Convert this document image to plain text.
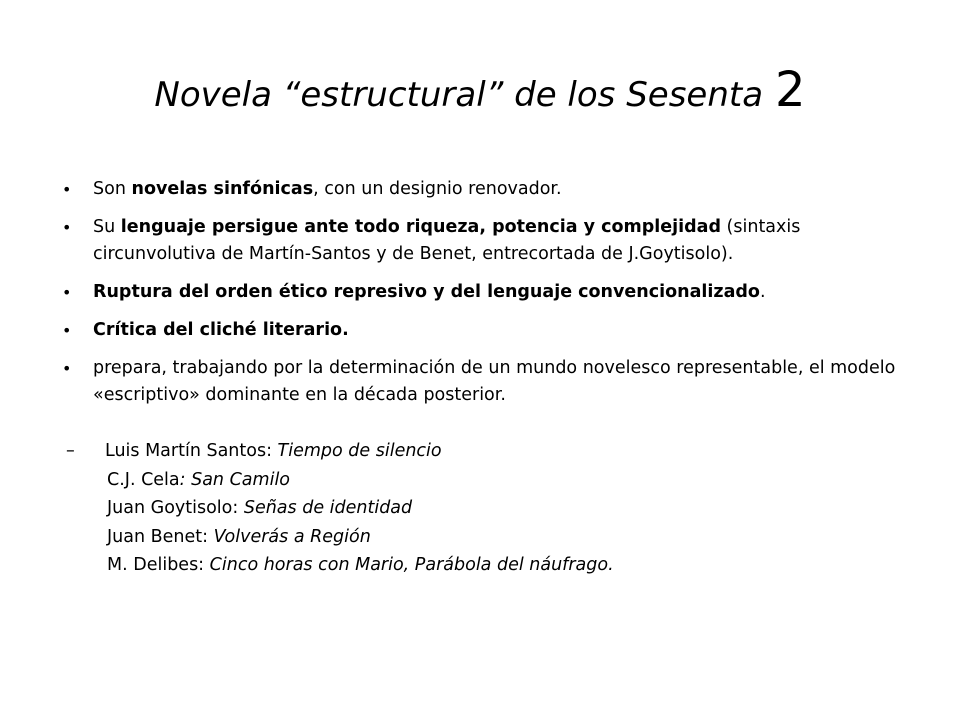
Novela “estructural” de los Sesenta 2
• Son novelas sinfónicas, con un designio renovador.
• Su lenguaje persigue ante todo riqueza, potencia y complejidad (sintaxis circunvolutiva de Martín-Santos y de Benet, entrecortada de J.Goytisolo).
• Ruptura del orden ético represivo y del lenguaje convencionalizado.
• Crítica del cliché literario.
• prepara, trabajando por la determinación de un mundo novelesco representable, el modelo «escriptivo» dominante en la década posterior.
– Luis Martín Santos: Tiempo de silencio
C.J. Cela: San Camilo
Juan Goytisolo: Señas de identidad
Juan Benet: Volverás a Región
M. Delibes: Cinco horas con Mario, Parábola del náufrago.
